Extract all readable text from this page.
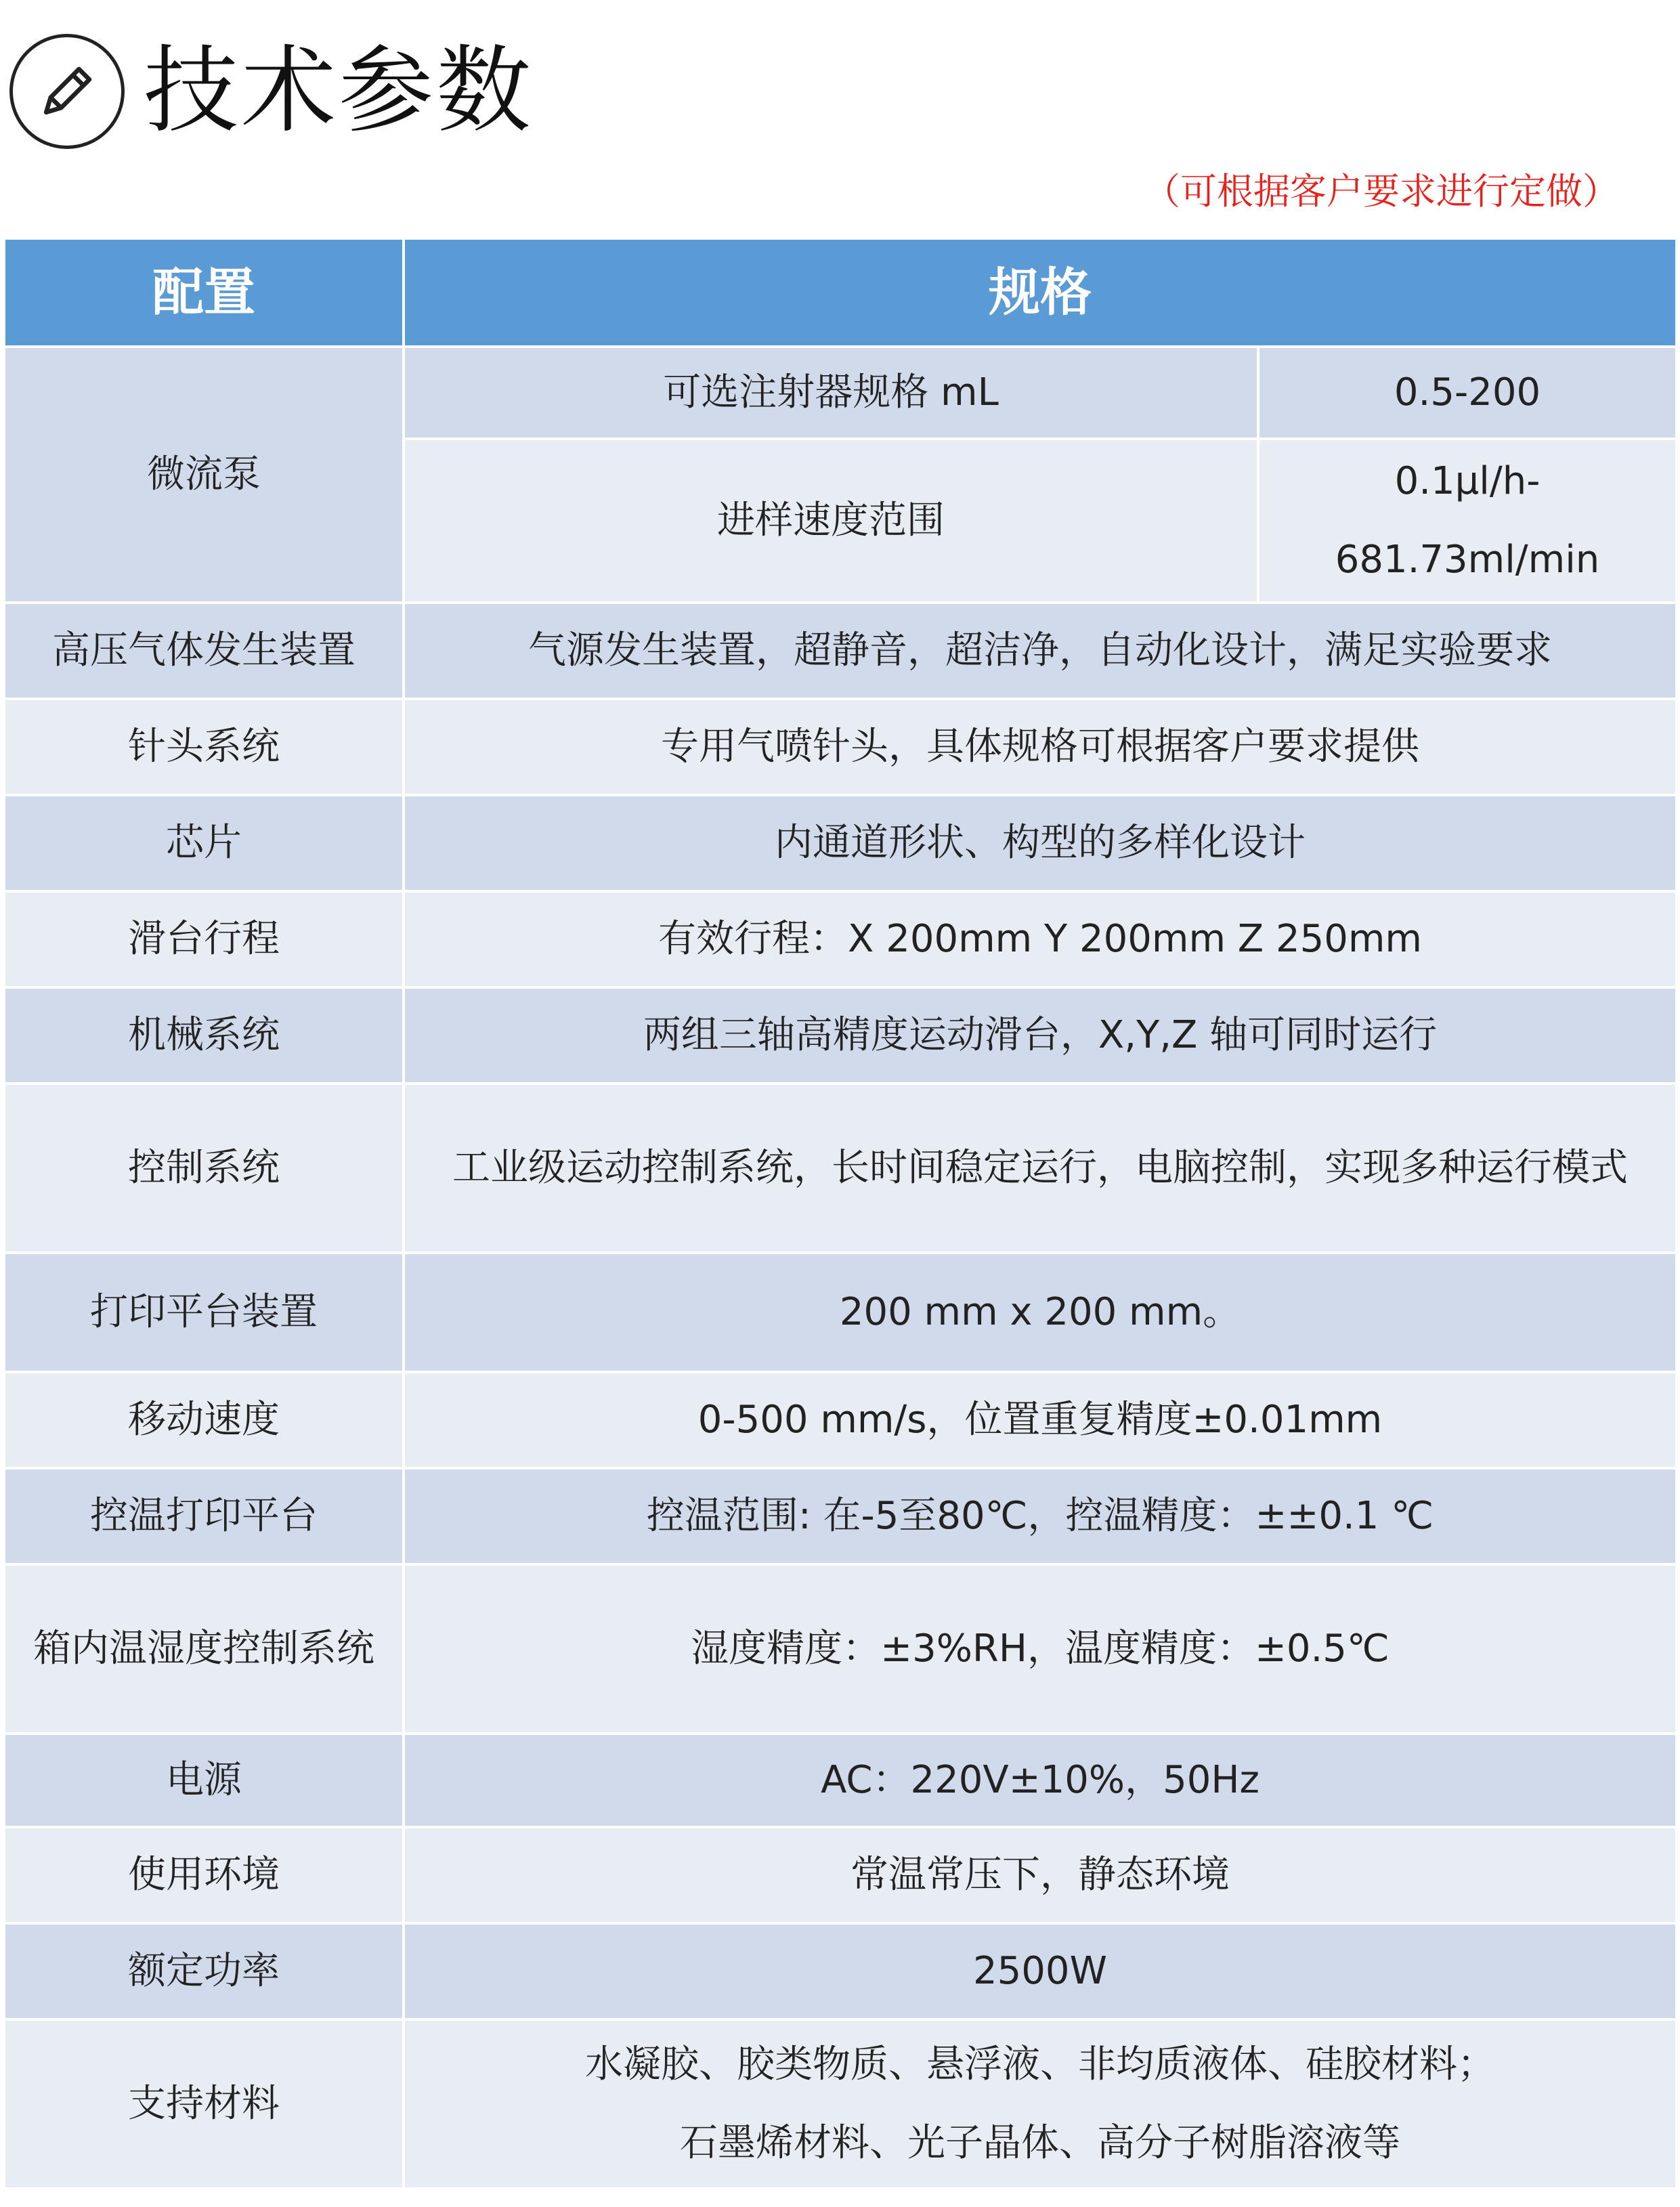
技术参数
（可根据客户要求进行定做）
配置	规格	
微流泵	可选注射器规格 mL	0.5-200
	进样速度范围	0.1μl/h-
681.73ml/min

高压气体发生装置	气源发生装置，超静音，超洁净，自动化设计，满足实验要求	
针头系统	专用气喷针头，具体规格可根据客户要求提供	
芯片	内通道形状、构型的多样化设计	
滑台行程	有效行程：X 200mm Y 200mm Z 250mm	
机械系统	两组三轴高精度运动滑台，X,Y,Z 轴可同时运行	
控制系统	工业级运动控制系统，长时间稳定运行，电脑控制，实现多种运行模式	
打印平台装置	200 mm x 200 mm。	
移动速度	0-500 mm/s，位置重复精度±0.01mm	
控温打印平台	控温范围: 在-5至80℃，控温精度：±±0.1 ℃	
箱内温湿度控制系统	湿度精度：±3%RH，温度精度：±0.5℃	
电源	AC：220V±10%，50Hz	
使用环境	常温常压下，静态环境	
额定功率	2500W	
支持材料	水凝胶、胶类物质、悬浮液、非均质液体、硅胶材料；
石墨烯材料、光子晶体、高分子树脂溶液等	
